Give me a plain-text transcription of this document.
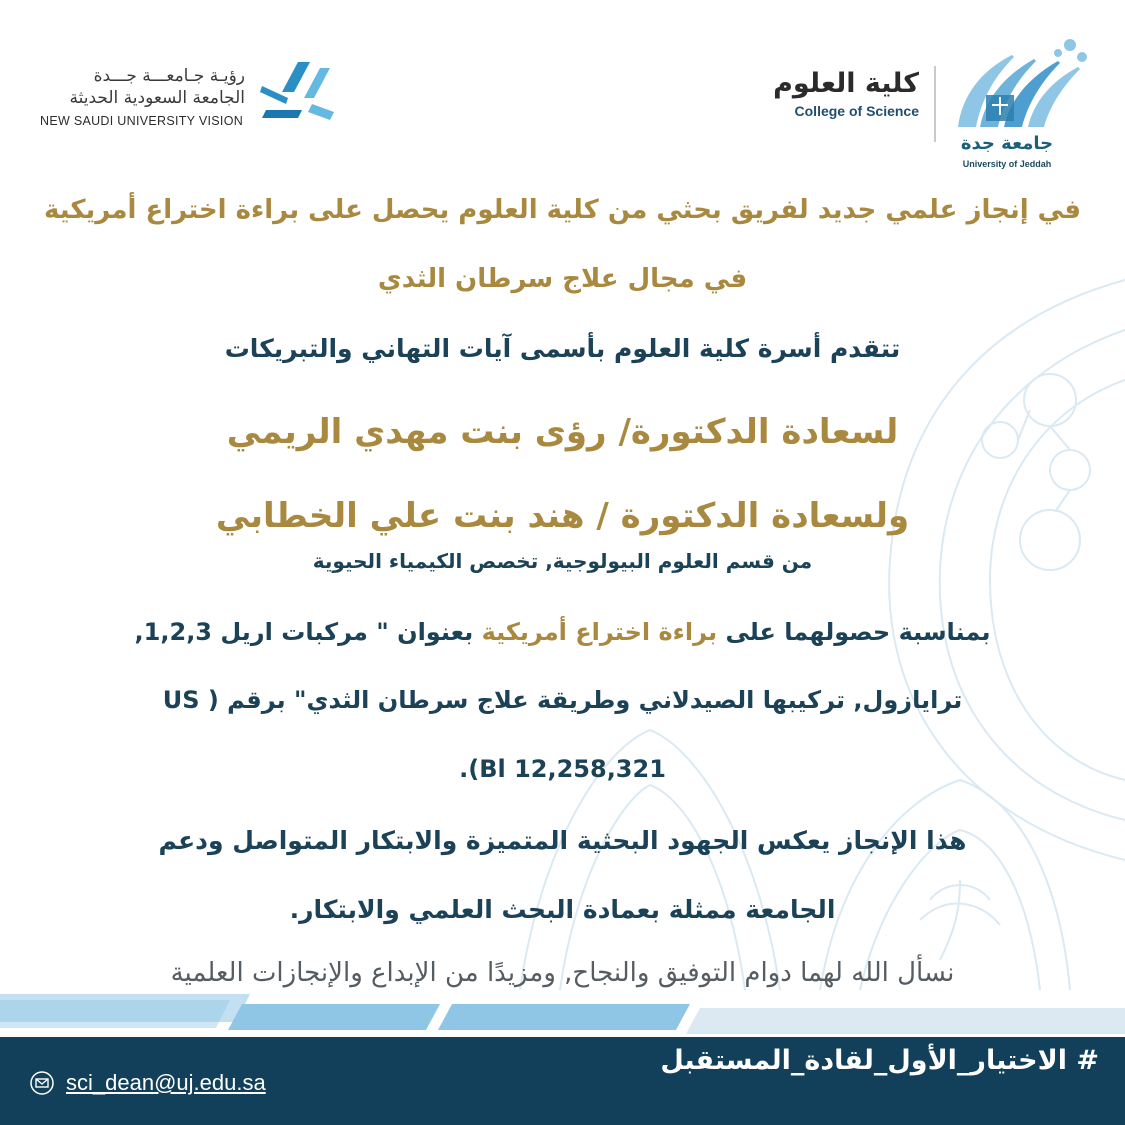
رؤيـة جـامعـــة جـــدة
الجامعة السعودية الحديثة
NEW SAUDI UNIVERSITY VISION
كلية العلوم
College of Science
جامعة جدة
University of Jeddah
في إنجاز علمي جديد لفريق بحثي من كلية العلوم يحصل على براءة اختراع أمريكية
في مجال علاج سرطان الثدي
تتقدم أسرة كلية العلوم بأسمى آيات التهاني والتبريكات
لسعادة الدكتورة/ رؤى بنت مهدي الريمي
ولسعادة الدكتورة / هند بنت علي الخطابي
من قسم العلوم البيولوجية, تخصص الكيمياء الحيوية
بمناسبة حصولهما على براءة اختراع أمريكية بعنوان " مركبات اريل 1,2,3,
ترايازول, تركيبها الصيدلاني وطريقة علاج سرطان الثدي" برقم ( US
12,258,321 Bl).
هذا الإنجاز يعكس الجهود البحثية المتميزة والابتكار المتواصل ودعم
الجامعة ممثلة بعمادة البحث العلمي والابتكار.
نسأل الله لهما دوام التوفيق والنجاح, ومزيدًا من الإبداع والإنجازات العلمية
# الاختيار_الأول_لقادة_المستقبل
sci_dean@uj.edu.sa
